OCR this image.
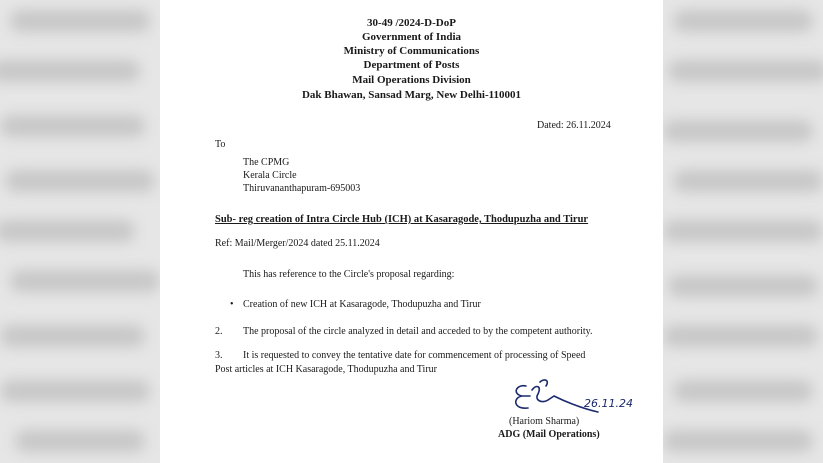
30-49 /2024-D-DoP
Government of India
Ministry of Communications
Department of Posts
Mail Operations Division
Dak Bhawan, Sansad Marg, New Delhi-110001
Dated: 26.11.2024
To
The CPMG
Kerala Circle
Thiruvananthapuram-695003
Sub- reg creation of Intra Circle Hub (ICH) at Kasaragode, Thodupuzha and Tirur
Ref: Mail/Merger/2024 dated 25.11.2024
This has reference to the Circle's proposal regarding:
• Creation of new ICH at Kasaragode, Thodupuzha and Tirur
2. The proposal of the circle analyzed in detail and acceded to by the competent authority.
3. It is requested to convey the tentative date for commencement of processing of Speed
Post articles at ICH Kasaragode, Thodupuzha and Tirur
26.11.24
(Hariom Sharma)
ADG (Mail Operations)
